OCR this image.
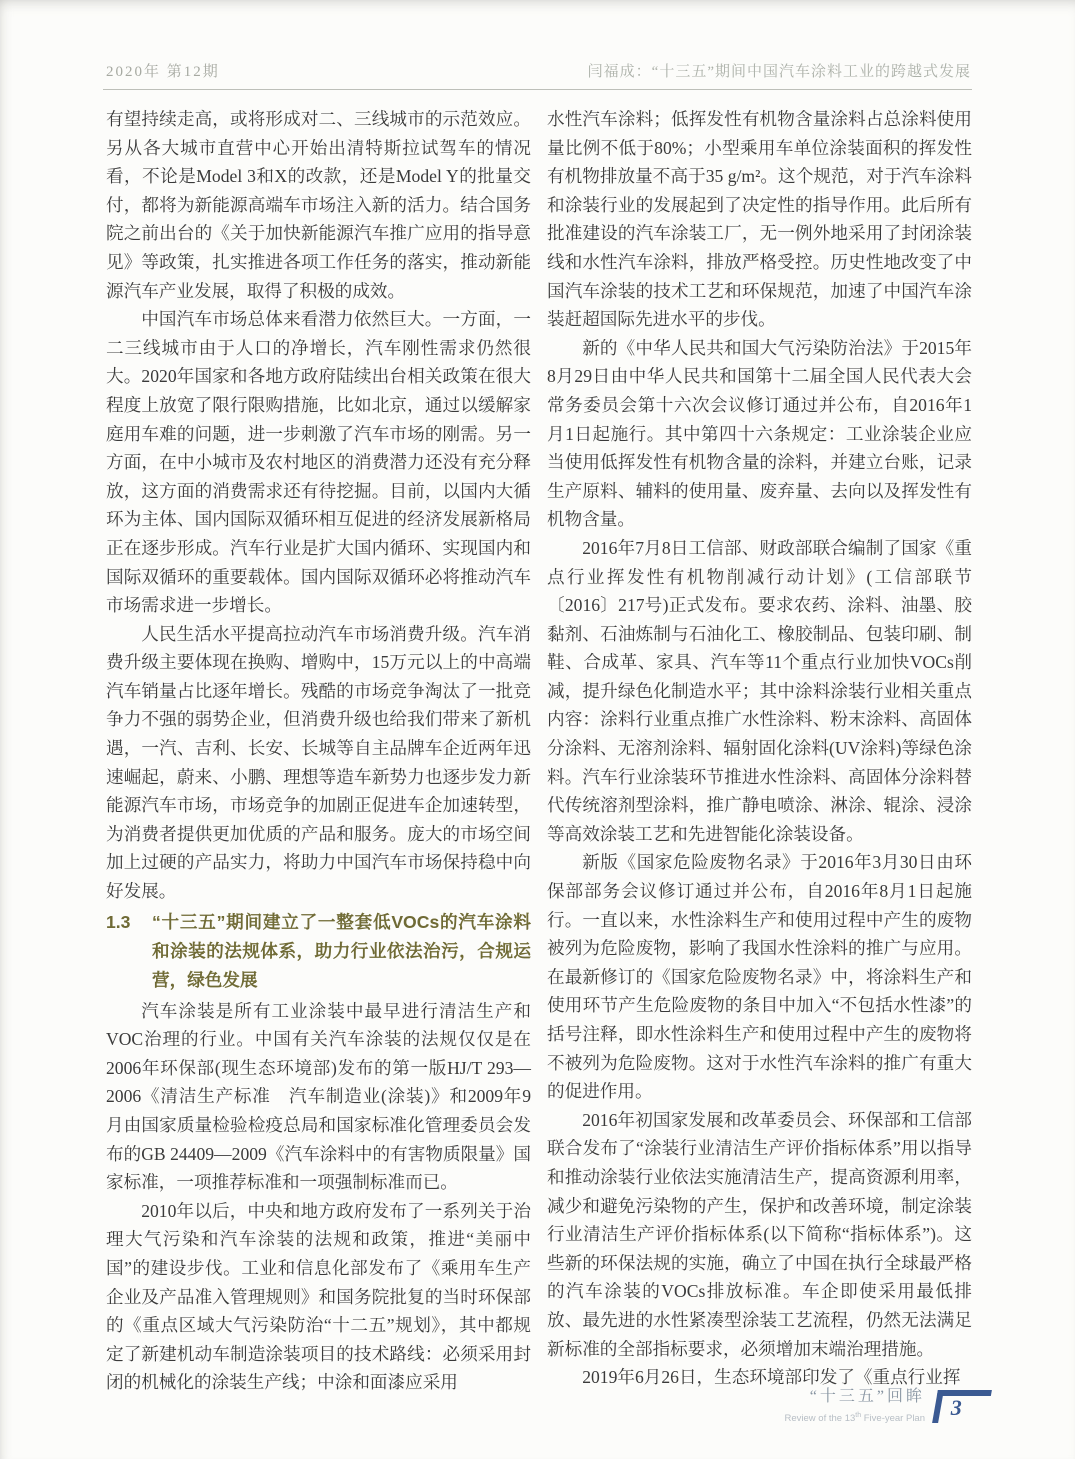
2020年 第12期	闫福成：“十三五”期间中国汽车涂料工业的跨越式发展

有望持续走高，或将形成对二、三线城市的示范效应。另从各大城市直营中心开始出清特斯拉试驾车的情况看，不论是Model 3和X的改款，还是Model Y的批量交付，都将为新能源高端车市场注入新的活力。结合国务院之前出台的《关于加快新能源汽车推广应用的指导意见》等政策，扎实推进各项工作任务的落实，推动新能源汽车产业发展，取得了积极的成效。

中国汽车市场总体来看潜力依然巨大。一方面，一二三线城市由于人口的净增长，汽车刚性需求仍然很大。2020年国家和各地方政府陆续出台相关政策在很大程度上放宽了限行限购措施，比如北京，通过以缓解家庭用车难的问题，进一步刺激了汽车市场的刚需。另一方面，在中小城市及农村地区的消费潜力还没有充分释放，这方面的消费需求还有待挖掘。目前，以国内大循环为主体、国内国际双循环相互促进的经济发展新格局正在逐步形成。汽车行业是扩大国内循环、实现国内和国际双循环的重要载体。国内国际双循环必将推动汽车市场需求进一步增长。

人民生活水平提高拉动汽车市场消费升级。汽车消费升级主要体现在换购、增购中，15万元以上的中高端汽车销量占比逐年增长。残酷的市场竞争淘汰了一批竞争力不强的弱势企业，但消费升级也给我们带来了新机遇，一汽、吉利、长安、长城等自主品牌车企近两年迅速崛起，蔚来、小鹏、理想等造车新势力也逐步发力新能源汽车市场，市场竞争的加剧正促进车企加速转型，为消费者提供更加优质的产品和服务。庞大的市场空间加上过硬的产品实力，将助力中国汽车市场保持稳中向好发展。

1.3	“十三五”期间建立了一整套低VOCs的汽车涂料和涂装的法规体系，助力行业依法治污，合规运营，绿色发展

汽车涂装是所有工业涂装中最早进行清洁生产和VOC治理的行业。中国有关汽车涂装的法规仅仅是在2006年环保部(现生态环境部)发布的第一版HJ/T 293—2006《清洁生产标准　汽车制造业(涂装)》和2009年9月由国家质量检验检疫总局和国家标准化管理委员会发布的GB 24409—2009《汽车涂料中的有害物质限量》国家标准，一项推荐标准和一项强制标准而已。

2010年以后，中央和地方政府发布了一系列关于治理大气污染和汽车涂装的法规和政策，推进“美丽中国”的建设步伐。工业和信息化部发布了《乘用车生产企业及产品准入管理规则》和国务院批复的当时环保部的《重点区域大气污染防治“十二五”规划》，其中都规定了新建机动车制造涂装项目的技术路线：必须采用封闭的机械化的涂装生产线；中涂和面漆应采用

水性汽车涂料；低挥发性有机物含量涂料占总涂料使用量比例不低于80%；小型乘用车单位涂装面积的挥发性有机物排放量不高于35 g/m²。这个规范，对于汽车涂料和涂装行业的发展起到了决定性的指导作用。此后所有批准建设的汽车涂装工厂，无一例外地采用了封闭涂装线和水性汽车涂料，排放严格受控。历史性地改变了中国汽车涂装的技术工艺和环保规范，加速了中国汽车涂装赶超国际先进水平的步伐。

新的《中华人民共和国大气污染防治法》于2015年8月29日由中华人民共和国第十二届全国人民代表大会常务委员会第十六次会议修订通过并公布，自2016年1月1日起施行。其中第四十六条规定：工业涂装企业应当使用低挥发性有机物含量的涂料，并建立台账，记录生产原料、辅料的使用量、废弃量、去向以及挥发性有机物含量。

2016年7月8日工信部、财政部联合编制了国家《重点行业挥发性有机物削减行动计划》(工信部联节〔2016〕217号)正式发布。要求农药、涂料、油墨、胶黏剂、石油炼制与石油化工、橡胶制品、包装印刷、制鞋、合成革、家具、汽车等11个重点行业加快VOCs削减，提升绿色化制造水平；其中涂料涂装行业相关重点内容：涂料行业重点推广水性涂料、粉末涂料、高固体分涂料、无溶剂涂料、辐射固化涂料(UV涂料)等绿色涂料。汽车行业涂装环节推进水性涂料、高固体分涂料替代传统溶剂型涂料，推广静电喷涂、淋涂、辊涂、浸涂等高效涂装工艺和先进智能化涂装设备。

新版《国家危险废物名录》于2016年3月30日由环保部部务会议修订通过并公布，自2016年8月1日起施行。一直以来，水性涂料生产和使用过程中产生的废物被列为危险废物，影响了我国水性涂料的推广与应用。在最新修订的《国家危险废物名录》中，将涂料生产和使用环节产生危险废物的条目中加入“不包括水性漆”的括号注释，即水性涂料生产和使用过程中产生的废物将不被列为危险废物。这对于水性汽车涂料的推广有重大的促进作用。

2016年初国家发展和改革委员会、环保部和工信部联合发布了“涂装行业清洁生产评价指标体系”用以指导和推动涂装行业依法实施清洁生产，提高资源利用率，减少和避免污染物的产生，保护和改善环境，制定涂装行业清洁生产评价指标体系(以下简称“指标体系”)。这些新的环保法规的实施，确立了中国在执行全球最严格的汽车涂装的VOCs排放标准。车企即使采用最低排放、最先进的水性紧凑型涂装工艺流程，仍然无法满足新标准的全部指标要求，必须增加末端治理措施。

2019年6月26日，生态环境部印发了《重点行业挥

“十三五”回眸
Review of the 13th Five-year Plan 3
